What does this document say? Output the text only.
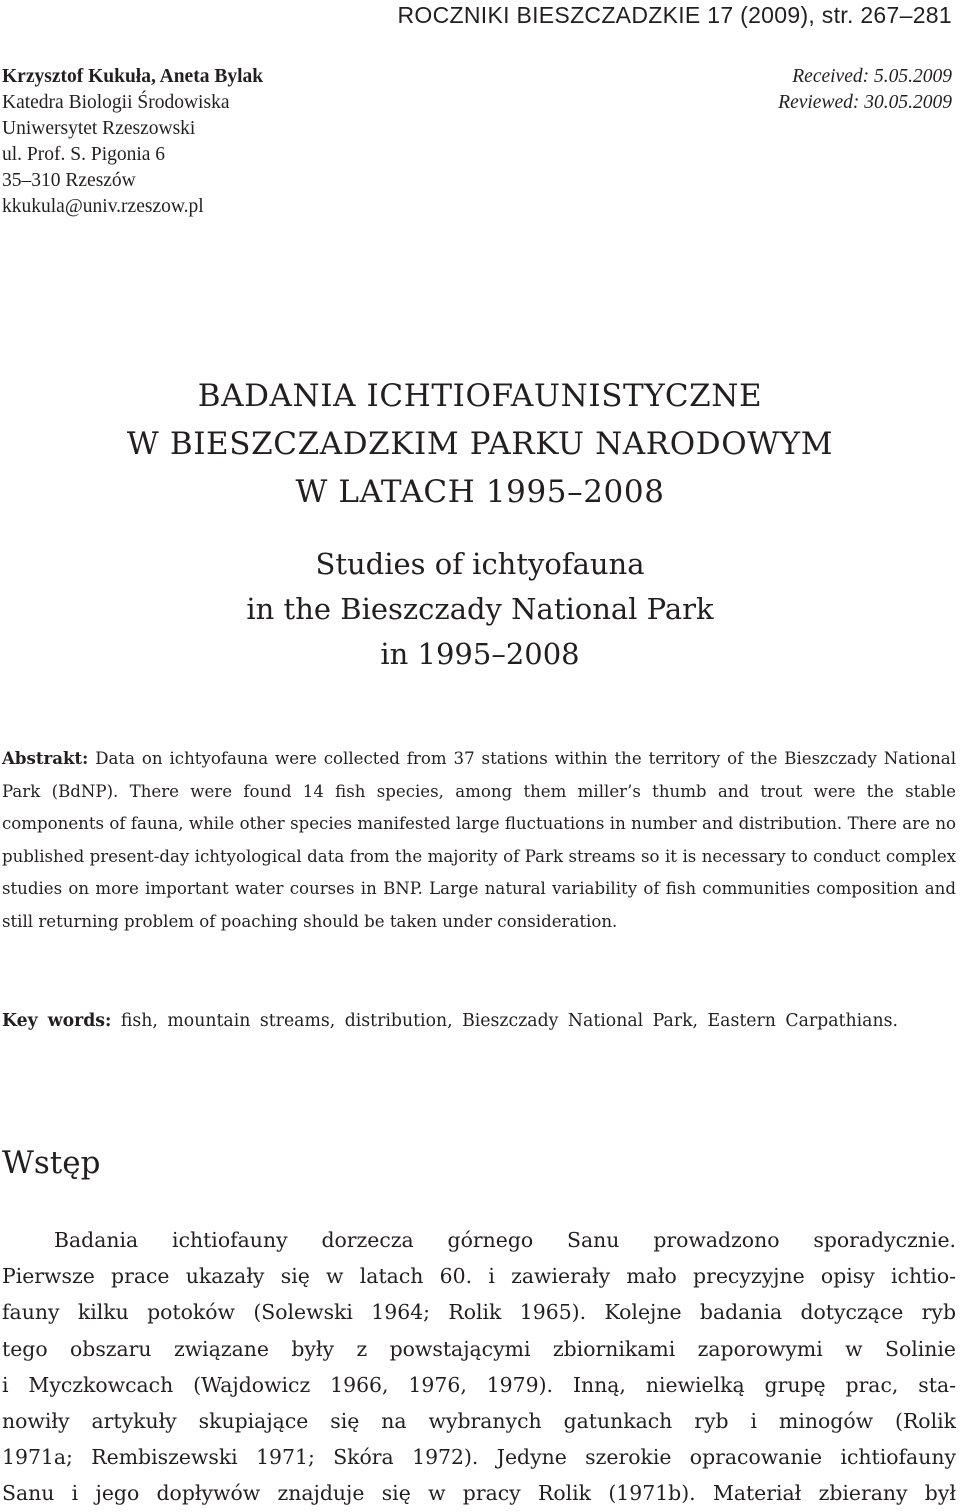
ROCZNIKI BIESZCZADZKIE 17 (2009), str. 267–281
Krzysztof Kukuła, Aneta Bylak
Katedra Biologii Środowiska
Uniwersytet Rzeszowski
ul. Prof. S. Pigonia 6
35–310 Rzeszów
kkukula@univ.rzeszow.pl
Received: 5.05.2009
Reviewed: 30.05.2009
BADANIA ICHTIOFAUNISTYCZNE
W BIESZCZADZKIM PARKU NARODOWYM
W LATACH 1995–2008
Studies of ichtyofauna
in the Bieszczady National Park
in 1995–2008
Abstrakt: Data on ichtyofauna were collected from 37 stations within the territory of the Bieszczady National Park (BdNP). There were found 14 fish species, among them miller’s thumb and trout were the stable components of fauna, while other species manifested large fluctuations in number and distribution. There are no published present-day ichtyological data from the majority of Park streams so it is necessary to conduct complex studies on more important water courses in BNP. Large natural variability of fish communities composition and still returning problem of poaching should be taken under consideration.
Key words: fish, mountain streams, distribution, Bieszczady National Park, Eastern Carpathians.
Wstęp
Badania ichtiofauny dorzecza górnego Sanu prowadzono sporadycznie.
Pierwsze prace ukazały się w latach 60. i zawierały mało precyzyjne opisy ichtio-
fauny kilku potoków (Solewski 1964; Rolik 1965). Kolejne badania dotyczące ryb
tego obszaru związane były z powstającymi zbiornikami zaporowymi w Solinie
i Myczkowcach (Wajdowicz 1966, 1976, 1979). Inną, niewielką grupę prac, sta-
nowiły artykuły skupiające się na wybranych gatunkach ryb i minogów (Rolik
1971a; Rembiszewski 1971; Skóra 1972). Jedyne szerokie opracowanie ichtiofauny
Sanu i jego dopływów znajduje się w pracy Rolik (1971b). Materiał zbierany był
